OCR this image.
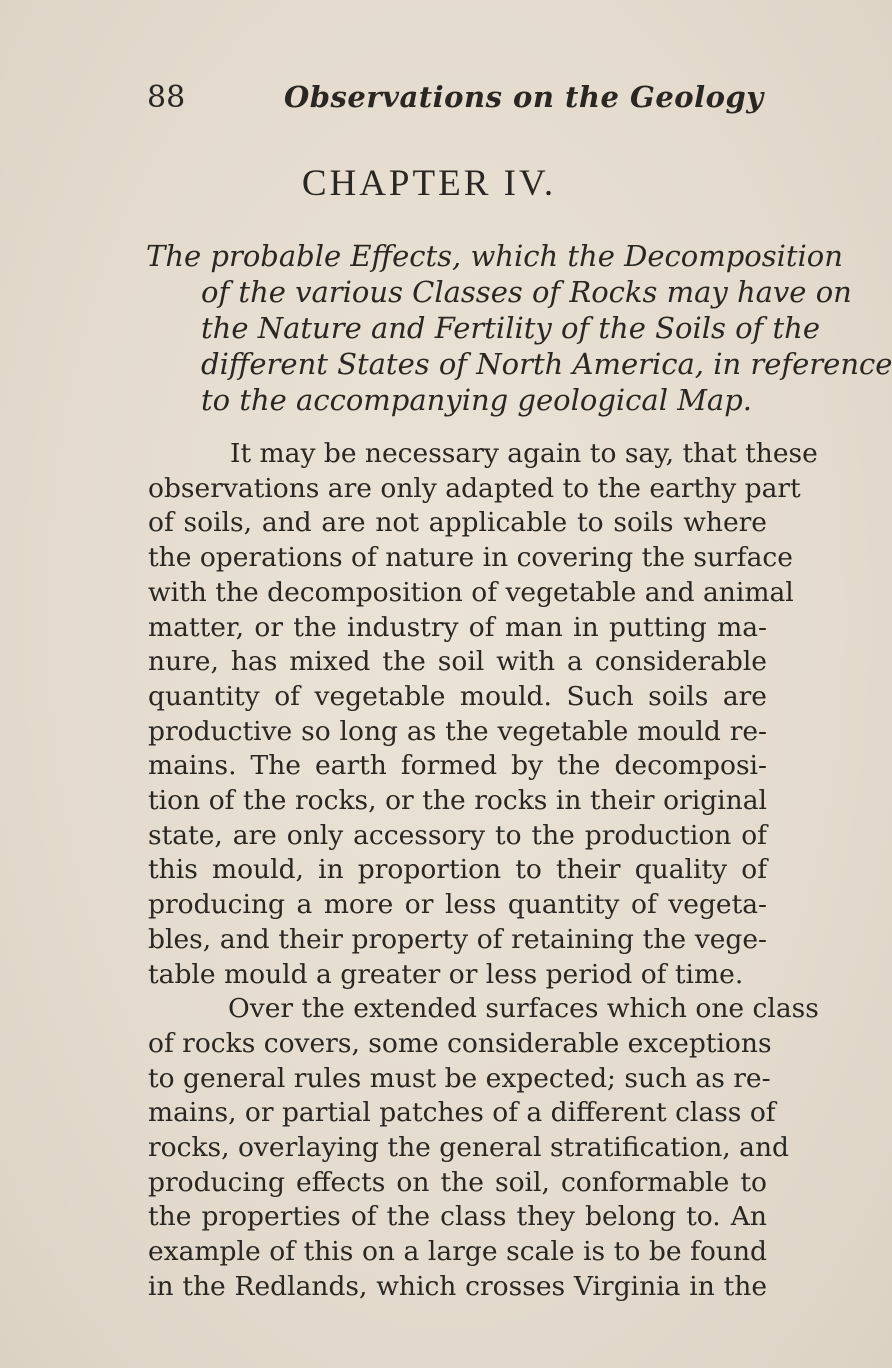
88	Observations on the Geology
CHAPTER IV.
The probable Effects, which the Decomposition
of the various Classes of Rocks may have on
the Nature and Fertility of the Soils of the
different States of North America, in reference
to the accompanying geological Map.
It may be necessary again to say, that these
observations are only adapted to the earthy part
of soils, and are not applicable to soils where
the operations of nature in covering the surface
with the decomposition of vegetable and animal
matter, or the industry of man in putting ma-
nure, has mixed the soil with a considerable
quantity of vegetable mould. Such soils are
productive so long as the vegetable mould re-
mains. The earth formed by the decomposi-
tion of the rocks, or the rocks in their original
state, are only accessory to the production of
this mould, in proportion to their quality of
producing a more or less quantity of vegeta-
bles, and their property of retaining the vege-
table mould a greater or less period of time.
Over the extended surfaces which one class
of rocks covers, some considerable exceptions
to general rules must be expected; such as re-
mains, or partial patches of a different class of
rocks, overlaying the general stratification, and
producing effects on the soil, conformable to
the properties of the class they belong to. An
example of this on a large scale is to be found
in the Redlands, which crosses Virginia in the
